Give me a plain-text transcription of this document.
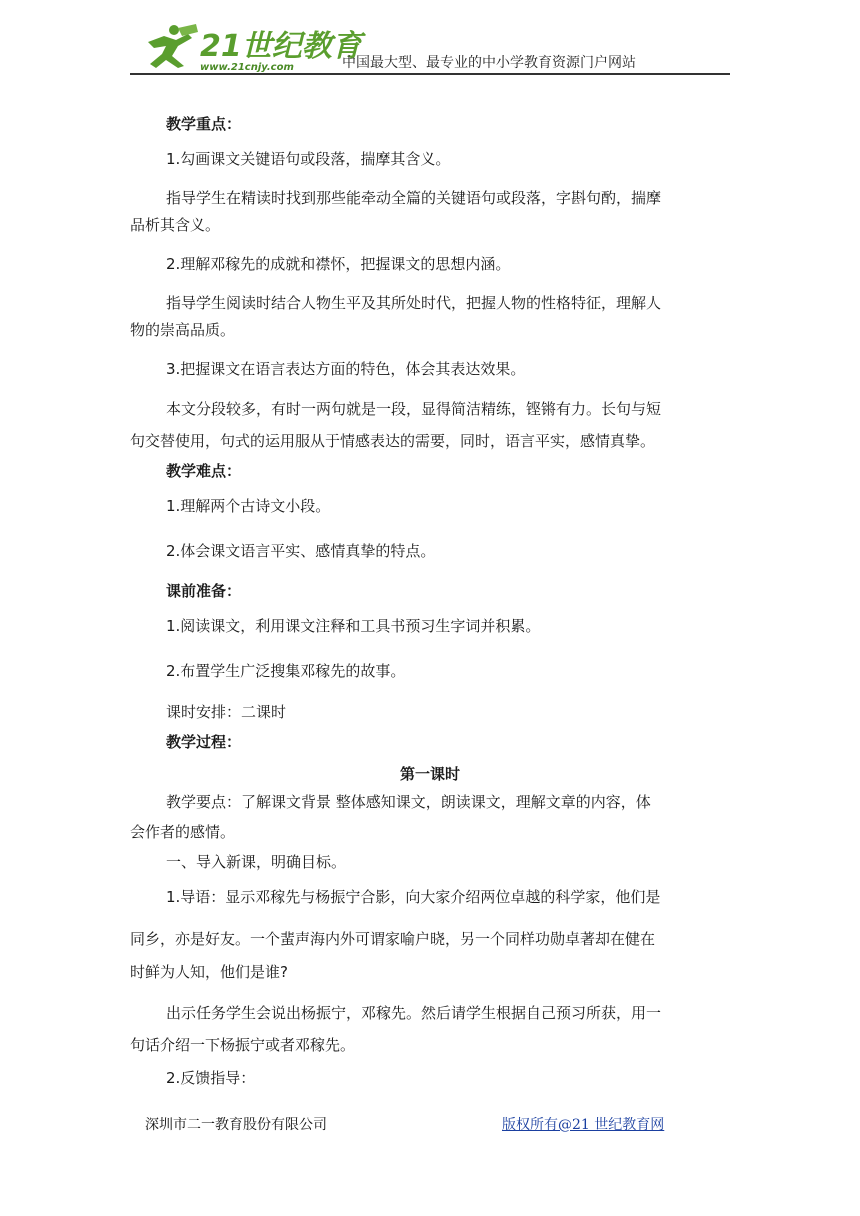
21世纪教育
www.21cnjy.com	中国最大型、最专业的中小学教育资源门户网站
教学重点：
1.勾画课文关键语句或段落，揣摩其含义。
指导学生在精读时找到那些能牵动全篇的关键语句或段落，字斟句酌，揣摩
品析其含义。
2.理解邓稼先的成就和襟怀，把握课文的思想内涵。
指导学生阅读时结合人物生平及其所处时代，把握人物的性格特征，理解人
物的崇高品质。
3.把握课文在语言表达方面的特色，体会其表达效果。
本文分段较多，有时一两句就是一段，显得简洁精练，铿锵有力。长句与短
句交替使用，句式的运用服从于情感表达的需要，同时，语言平实，感情真挚。
教学难点：
1.理解两个古诗文小段。
2.体会课文语言平实、感情真挚的特点。
课前准备：
1.阅读课文，利用课文注释和工具书预习生字词并积累。
2.布置学生广泛搜集邓稼先的故事。
课时安排：二课时
教学过程：
第一课时
教学要点：了解课文背景 整体感知课文，朗读课文，理解文章的内容，体
会作者的感情。
一、导入新课，明确目标。
1.导语：显示邓稼先与杨振宁合影，向大家介绍两位卓越的科学家，他们是
同乡，亦是好友。一个蜚声海内外可谓家喻户晓，另一个同样功勋卓著却在健在
时鲜为人知，他们是谁?
出示任务学生会说出杨振宁，邓稼先。然后请学生根据自己预习所获，用一
句话介绍一下杨振宁或者邓稼先。
2.反馈指导：
深圳市二一教育股份有限公司	版权所有@21 世纪教育网
